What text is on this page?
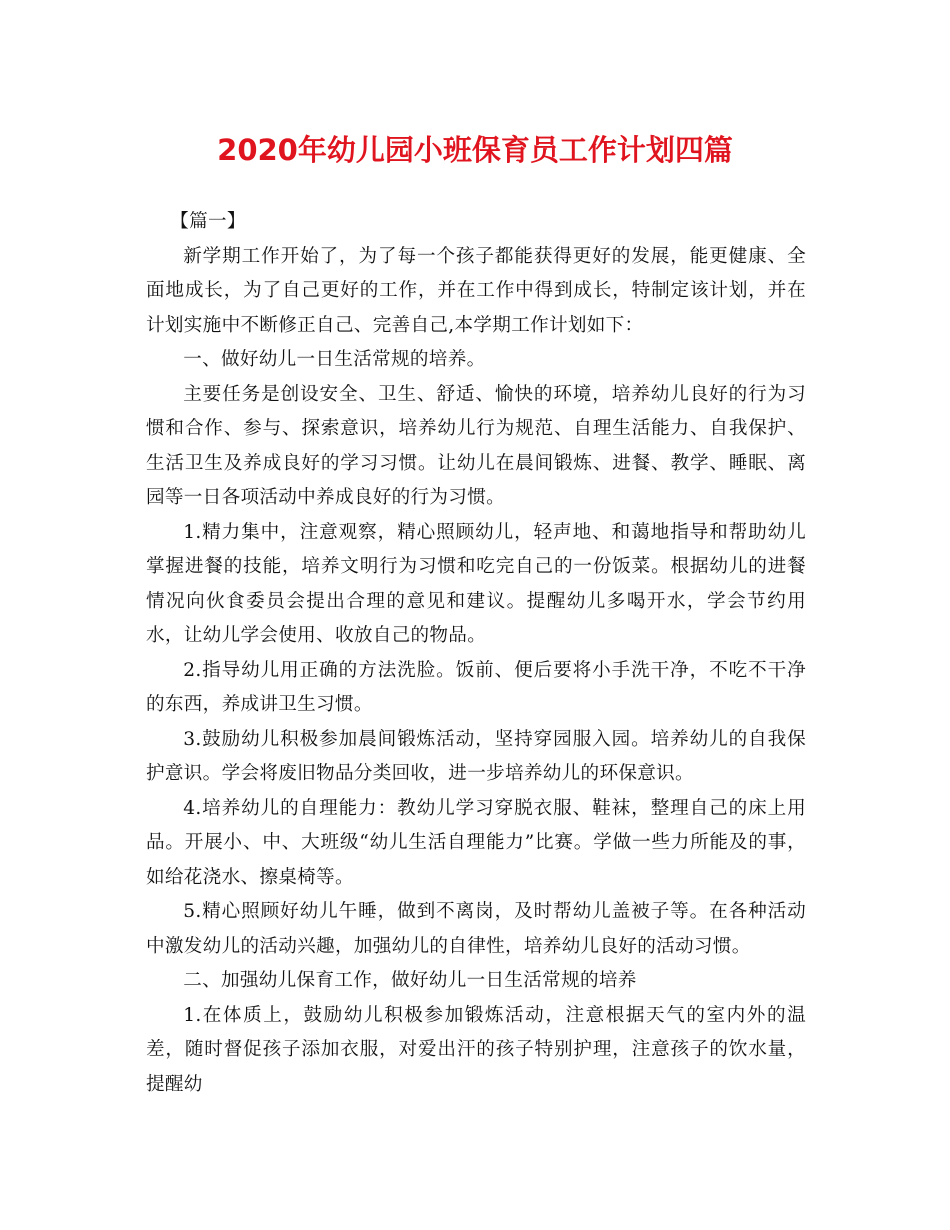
2020年幼儿园小班保育员工作计划四篇

【篇一】

新学期工作开始了，为了每一个孩子都能获得更好的发展，能更健康、全面地成长，为了自己更好的工作，并在工作中得到成长，特制定该计划，并在计划实施中不断修正自己、完善自己,本学期工作计划如下：

一、做好幼儿一日生活常规的培养。

主要任务是创设安全、卫生、舒适、愉快的环境，培养幼儿良好的行为习惯和合作、参与、探索意识，培养幼儿行为规范、自理生活能力、自我保护、生活卫生及养成良好的学习习惯。让幼儿在晨间锻炼、进餐、教学、睡眠、离园等一日各项活动中养成良好的行为习惯。

1.精力集中，注意观察，精心照顾幼儿，轻声地、和蔼地指导和帮助幼儿掌握进餐的技能，培养文明行为习惯和吃完自己的一份饭菜。根据幼儿的进餐情况向伙食委员会提出合理的意见和建议。提醒幼儿多喝开水，学会节约用水，让幼儿学会使用、收放自己的物品。

2.指导幼儿用正确的方法洗脸。饭前、便后要将小手洗干净，不吃不干净的东西，养成讲卫生习惯。

3.鼓励幼儿积极参加晨间锻炼活动，坚持穿园服入园。培养幼儿的自我保护意识。学会将废旧物品分类回收，进一步培养幼儿的环保意识。

4.培养幼儿的自理能力：教幼儿学习穿脱衣服、鞋袜，整理自己的床上用品。开展小、中、大班级“幼儿生活自理能力”比赛。学做一些力所能及的事，如给花浇水、擦桌椅等。

5.精心照顾好幼儿午睡，做到不离岗，及时帮幼儿盖被子等。在各种活动中激发幼儿的活动兴趣，加强幼儿的自律性，培养幼儿良好的活动习惯。

二、加强幼儿保育工作，做好幼儿一日生活常规的培养

1.在体质上，鼓励幼儿积极参加锻炼活动，注意根据天气的室内外的温差，随时督促孩子添加衣服，对爱出汗的孩子特别护理，注意孩子的饮水量，提醒幼
